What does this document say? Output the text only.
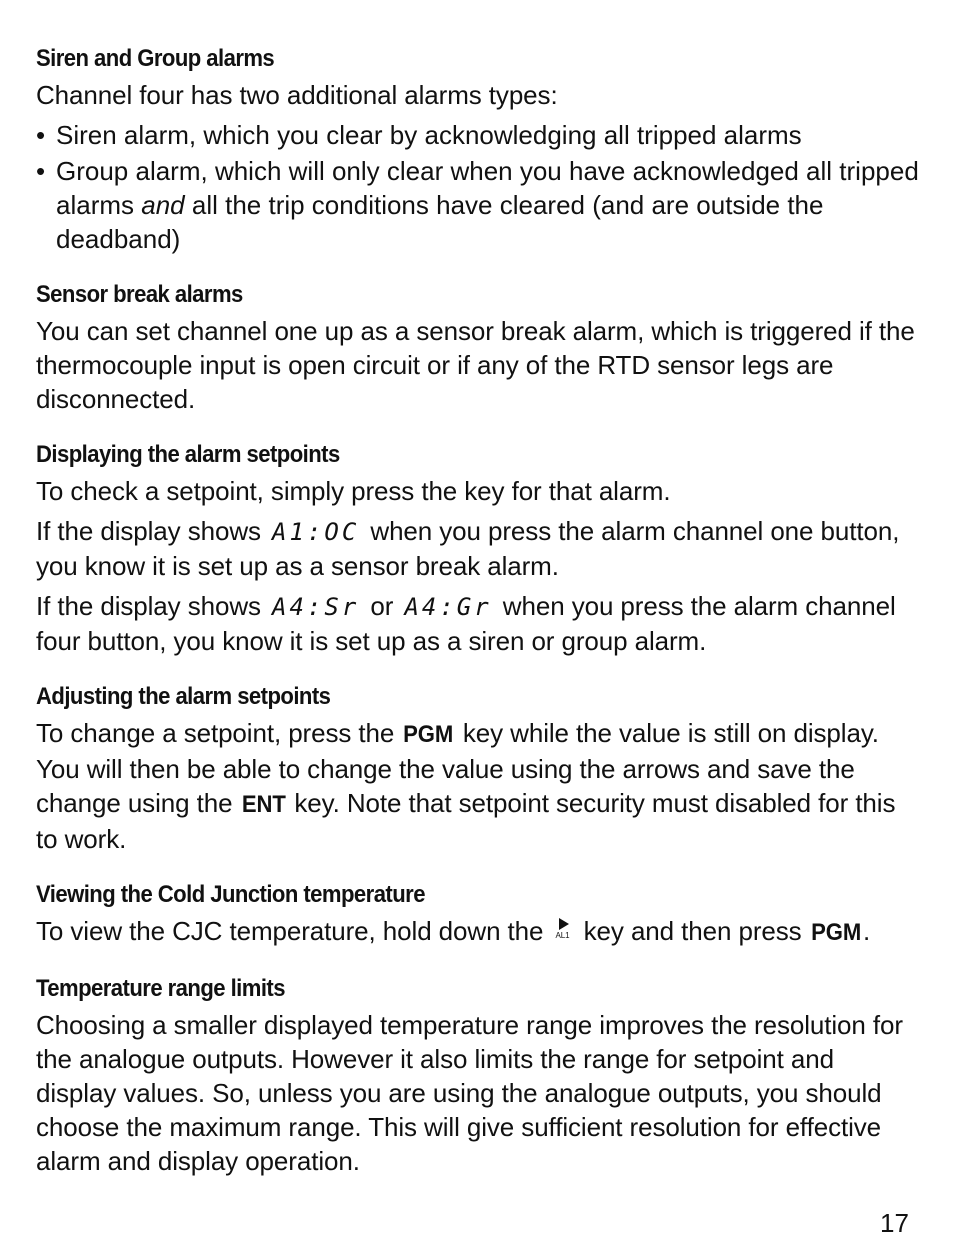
Siren and Group alarms

Channel four has two additional alarms types:

• Siren alarm, which you clear by acknowledging all tripped alarms
• Group alarm, which will only clear when you have acknowledged all tripped alarms and all the trip conditions have cleared (and are outside the deadband)
Sensor break alarms

You can set channel one up as a sensor break alarm, which is triggered if the thermocouple input is open circuit or if any of the RTD sensor legs are disconnected.

Displaying the alarm setpoints

To check a setpoint, simply press the key for that alarm.

If the display shows A1:OC when you press the alarm channel one button, you know it is set up as a sensor break alarm.

If the display shows A4:Sr or A4:Gr when you press the alarm channel four button, you know it is set up as a siren or group alarm.

Adjusting the alarm setpoints

To change a setpoint, press the PGM key while the value is still on display. You will then be able to change the value using the arrows and save the change using the ENT key. Note that setpoint security must disabled for this to work.

Viewing the Cold Junction temperature

To view the CJC temperature, hold down the AL1 key and then press PGM.

Temperature range limits

Choosing a smaller displayed temperature range improves the resolution for the analogue outputs. However it also limits the range for setpoint and display values. So, unless you are using the analogue outputs, you should choose the maximum range. This will give sufficient resolution for effective alarm and display operation.

17
